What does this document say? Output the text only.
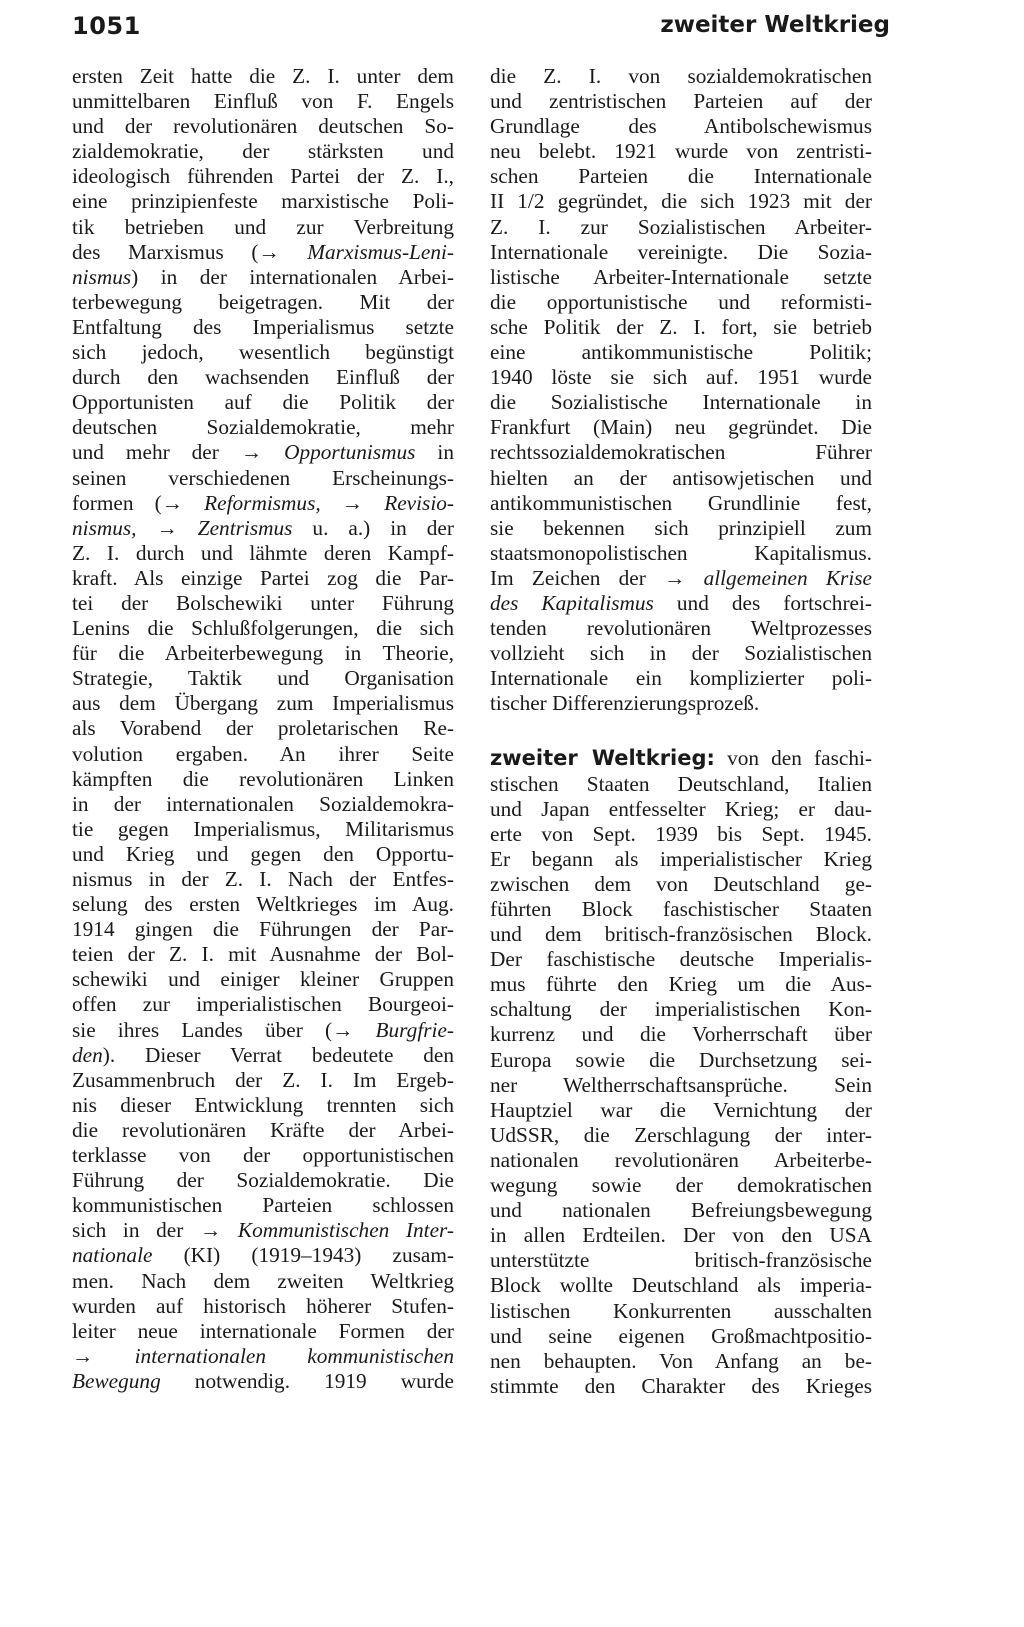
1051	zweiter Weltkrieg
ersten Zeit hatte die Z. I. unter dem
unmittelbaren Einfluß von F. Engels
und der revolutionären deutschen So-
zialdemokratie, der stärksten und
ideologisch führenden Partei der Z. I.,
eine prinzipienfeste marxistische Poli-
tik betrieben und zur Verbreitung
des Marxismus (→ Marxismus-Leni-
nismus) in der internationalen Arbei-
terbewegung beigetragen. Mit der
Entfaltung des Imperialismus setzte
sich jedoch, wesentlich begünstigt
durch den wachsenden Einfluß der
Opportunisten auf die Politik der
deutschen Sozialdemokratie, mehr
und mehr der → Opportunismus in
seinen verschiedenen Erscheinungs-
formen (→ Reformismus, → Revisio-
nismus, → Zentrismus u. a.) in der
Z. I. durch und lähmte deren Kampf-
kraft. Als einzige Partei zog die Par-
tei der Bolschewiki unter Führung
Lenins die Schlußfolgerungen, die sich
für die Arbeiterbewegung in Theorie,
Strategie, Taktik und Organisation
aus dem Übergang zum Imperialismus
als Vorabend der proletarischen Re-
volution ergaben. An ihrer Seite
kämpften die revolutionären Linken
in der internationalen Sozialdemokra-
tie gegen Imperialismus, Militarismus
und Krieg und gegen den Opportu-
nismus in der Z. I. Nach der Entfes-
selung des ersten Weltkrieges im Aug.
1914 gingen die Führungen der Par-
teien der Z. I. mit Ausnahme der Bol-
schewiki und einiger kleiner Gruppen
offen zur imperialistischen Bourgeoi-
sie ihres Landes über (→ Burgfrie-
den). Dieser Verrat bedeutete den
Zusammenbruch der Z. I. Im Ergeb-
nis dieser Entwicklung trennten sich
die revolutionären Kräfte der Arbei-
terklasse von der opportunistischen
Führung der Sozialdemokratie. Die
kommunistischen Parteien schlossen
sich in der → Kommunistischen Inter-
nationale (KI) (1919–1943) zusam-
men. Nach dem zweiten Weltkrieg
wurden auf historisch höherer Stufen-
leiter neue internationale Formen der
→ internationalen kommunistischen
Bewegung notwendig. 1919 wurde
die Z. I. von sozialdemokratischen
und zentristischen Parteien auf der
Grundlage des Antibolschewismus
neu belebt. 1921 wurde von zentristi-
schen Parteien die Internationale
II 1/2 gegründet, die sich 1923 mit der
Z. I. zur Sozialistischen Arbeiter-
Internationale vereinigte. Die Sozia-
listische Arbeiter-Internationale setzte
die opportunistische und reformisti-
sche Politik der Z. I. fort, sie betrieb
eine antikommunistische Politik;
1940 löste sie sich auf. 1951 wurde
die Sozialistische Internationale in
Frankfurt (Main) neu gegründet. Die
rechtssozialdemokratischen Führer
hielten an der antisowjetischen und
antikommunistischen Grundlinie fest,
sie bekennen sich prinzipiell zum
staatsmonopolistischen Kapitalismus.
Im Zeichen der → allgemeinen Krise
des Kapitalismus und des fortschrei-
tenden revolutionären Weltprozesses
vollzieht sich in der Sozialistischen
Internationale ein komplizierter poli-
tischer Differenzierungsprozeß.
zweiter Weltkrieg: von den faschi-
stischen Staaten Deutschland, Italien
und Japan entfesselter Krieg; er dau-
erte von Sept. 1939 bis Sept. 1945.
Er begann als imperialistischer Krieg
zwischen dem von Deutschland ge-
führten Block faschistischer Staaten
und dem britisch-französischen Block.
Der faschistische deutsche Imperialis-
mus führte den Krieg um die Aus-
schaltung der imperialistischen Kon-
kurrenz und die Vorherrschaft über
Europa sowie die Durchsetzung sei-
ner Weltherrschaftsansprüche. Sein
Hauptziel war die Vernichtung der
UdSSR, die Zerschlagung der inter-
nationalen revolutionären Arbeiterbe-
wegung sowie der demokratischen
und nationalen Befreiungsbewegung
in allen Erdteilen. Der von den USA
unterstützte britisch-französische
Block wollte Deutschland als imperia-
listischen Konkurrenten ausschalten
und seine eigenen Großmachtpositio-
nen behaupten. Von Anfang an be-
stimmte den Charakter des Krieges
